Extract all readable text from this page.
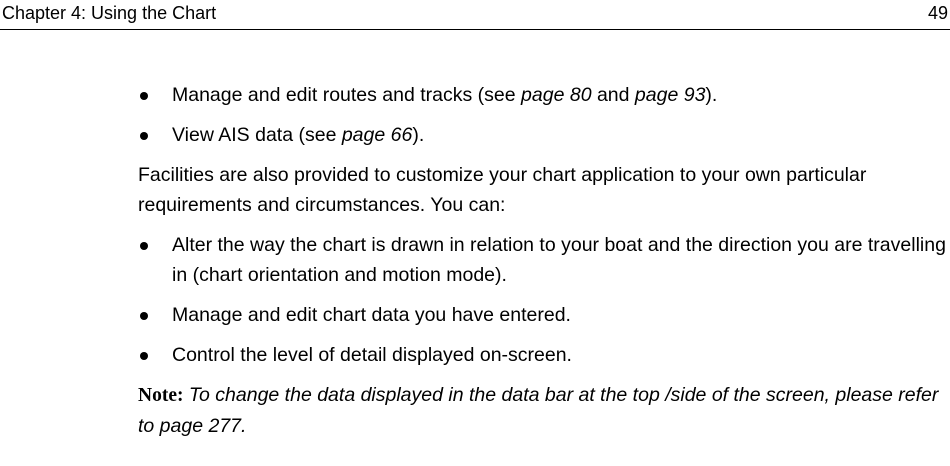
Chapter 4: Using the Chart	49
Manage and edit routes and tracks (see page 80 and page 93).
View AIS data (see page 66).

Facilities are also provided to customize your chart application to your own particular requirements and circumstances. You can:

Alter the way the chart is drawn in relation to your boat and the direction you are travelling in (chart orientation and motion mode).
Manage and edit chart data you have entered.
Control the level of detail displayed on-screen.

Note: To change the data displayed in the data bar at the top /side of the screen, please refer to page 277.
